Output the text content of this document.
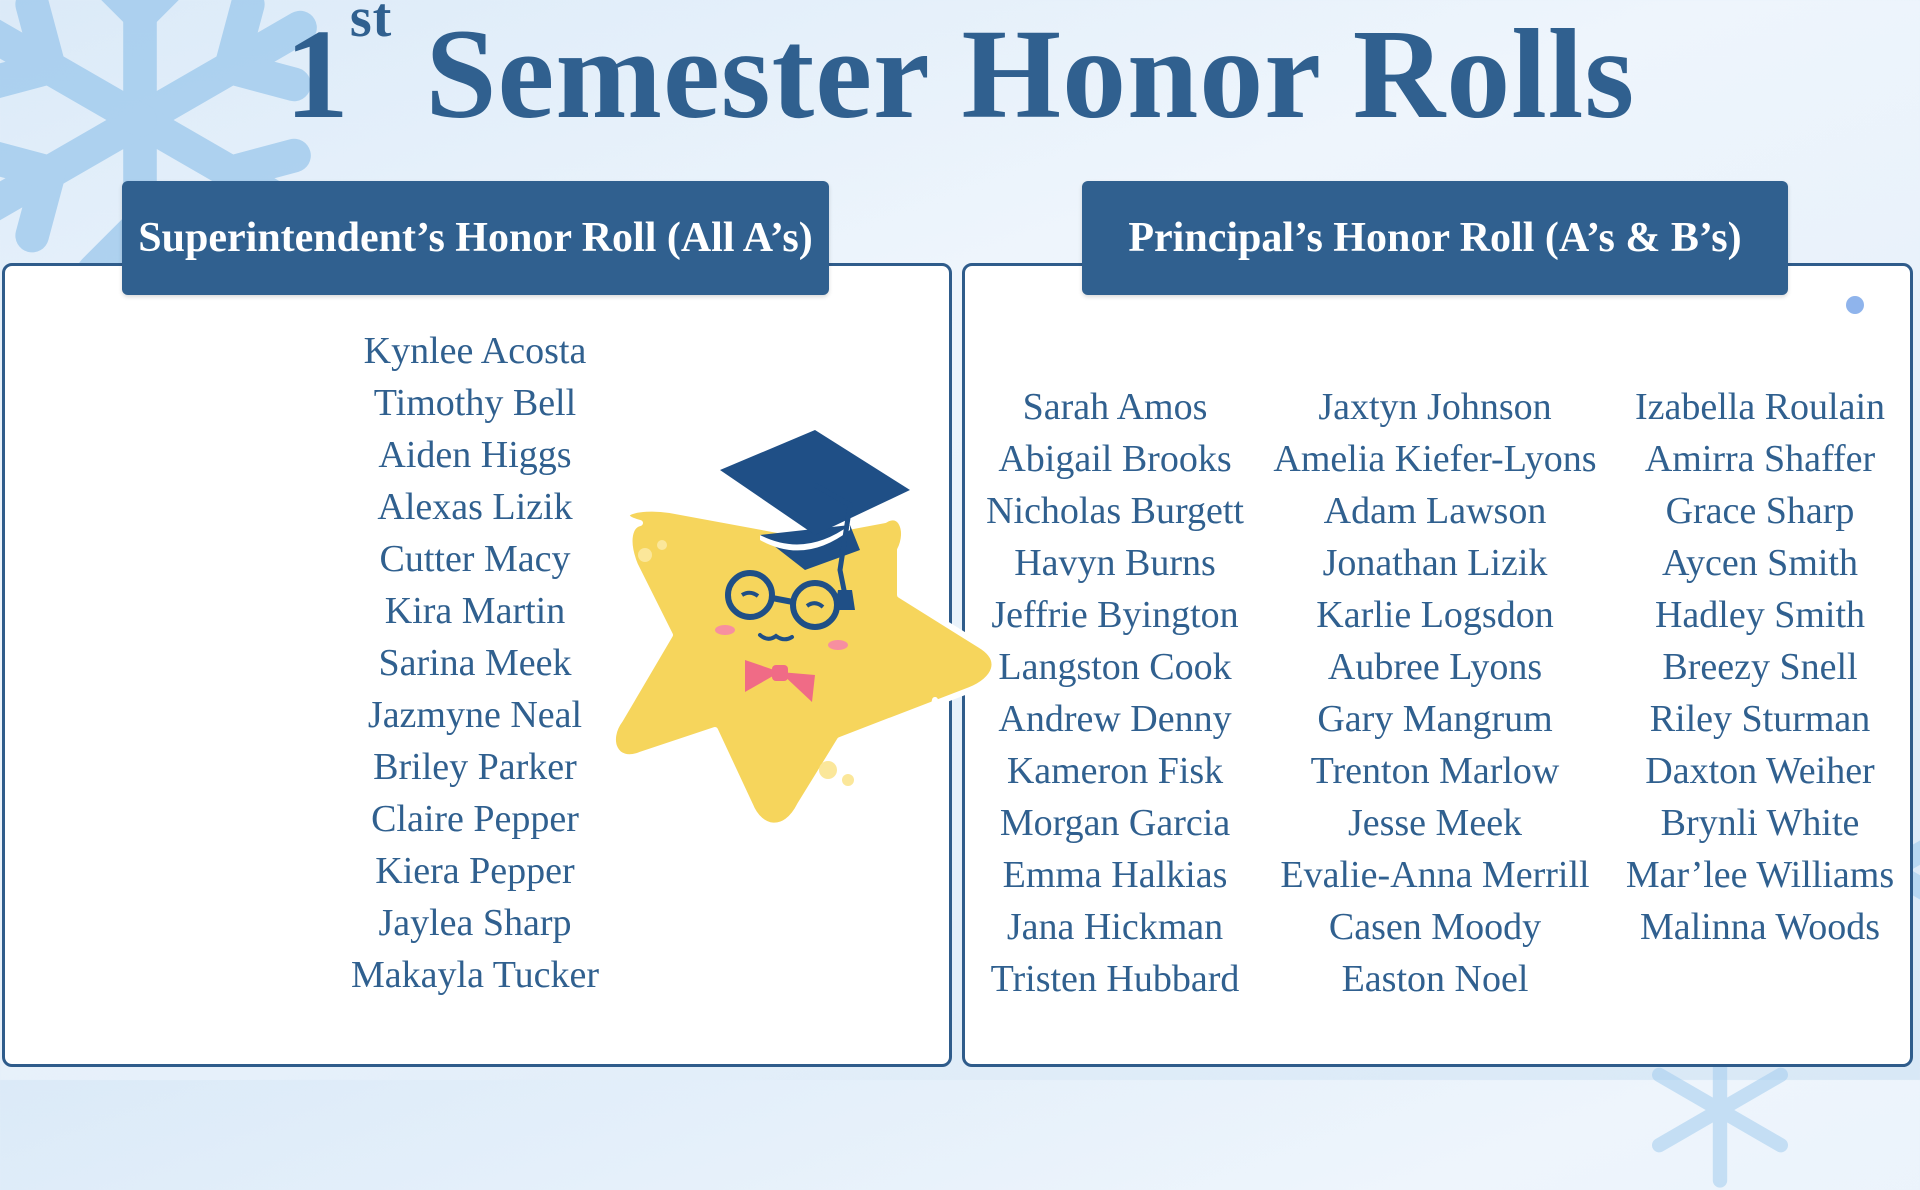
1st Semester Honor Rolls
Superintendent’s Honor Roll (All A’s)	Principal’s Honor Roll (A’s & B’s)
Kynlee Acosta
Timothy Bell
Aiden Higgs
Alexas Lizik
Cutter Macy
Kira Martin
Sarina Meek
Jazmyne Neal
Briley Parker
Claire Pepper
Kiera Pepper
Jaylea Sharp
Makayla Tucker
Sarah Amos
Abigail Brooks
Nicholas Burgett
Havyn Burns
Jeffrie Byington
Langston Cook
Andrew Denny
Kameron Fisk
Morgan Garcia
Emma Halkias
Jana Hickman
Tristen Hubbard
Jaxtyn Johnson
Amelia Kiefer-Lyons
Adam Lawson
Jonathan Lizik
Karlie Logsdon
Aubree Lyons
Gary Mangrum
Trenton Marlow
Jesse Meek
Evalie-Anna Merrill
Casen Moody
Easton Noel
Izabella Roulain
Amirra Shaffer
Grace Sharp
Aycen Smith
Hadley Smith
Breezy Snell
Riley Sturman
Daxton Weiher
Brynli White
Mar’lee Williams
Malinna Woods
